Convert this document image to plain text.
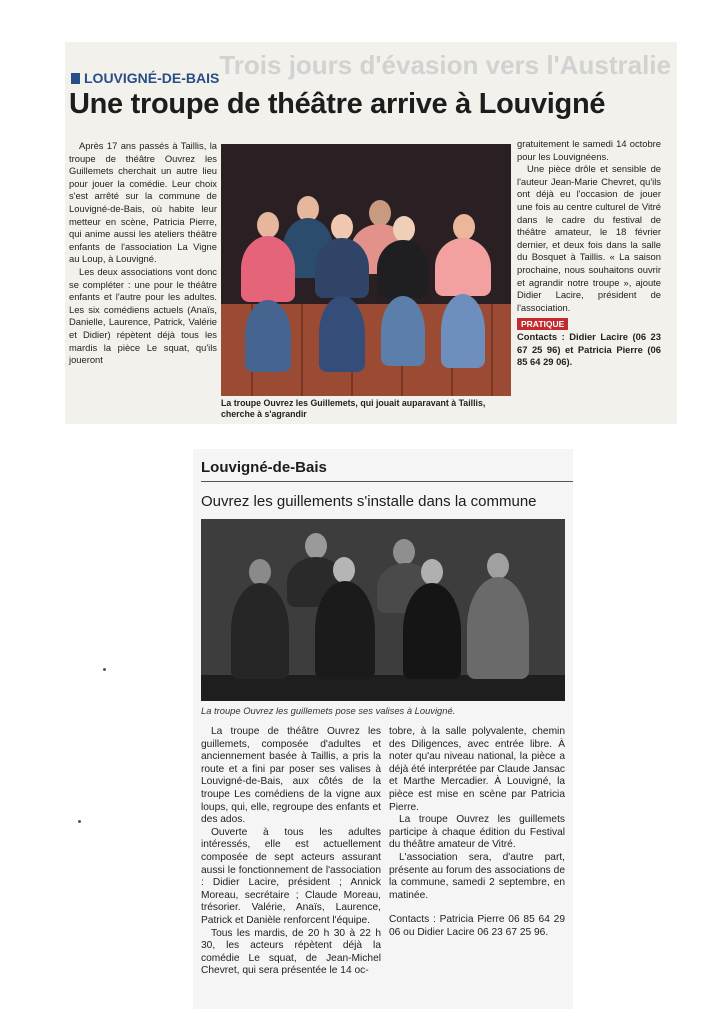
Trois jours d'évasion vers l'Australie
LOUVIGNÉ-DE-BAIS
Une troupe de théâtre arrive à Louvigné

Après 17 ans passés à Taillis, la troupe de théâtre Ouvrez les Guillemets cherchait un autre lieu pour jouer la comédie. Leur choix s'est arrêté sur la commune de Louvigné-de-Bais, où habite leur metteur en scène, Patricia Pierre, qui anime aussi les ateliers théâtre enfants de l'association La Vigne au Loup, à Louvigné.

Les deux associations vont donc se compléter : une pour le théâtre enfants et l'autre pour les adultes. Les six comédiens actuels (Anaïs, Danielle, Laurence, Patrick, Valérie et Didier) répètent déjà tous les mardis la pièce Le squat, qu'ils joueront

La troupe Ouvrez les Guillemets, qui jouait auparavant à Taillis, cherche à s'agrandir

gratuitement le samedi 14 octobre pour les Louvignéens.

Une pièce drôle et sensible de l'auteur Jean-Marie Chevret, qu'ils ont déjà eu l'occasion de jouer une fois au centre culturel de Vitré dans le cadre du festival de théâtre amateur, le 18 février dernier, et deux fois dans la salle du Bosquet à Taillis. « La saison prochaine, nous souhaitons ouvrir et agrandir notre troupe », ajoute Didier Lacire, président de l'association.

PRATIQUE

Contacts : Didier Lacire (06 23 67 25 96) et Patricia Pierre (06 85 64 29 06).

Louvigné-de-Bais
Ouvrez les guillements s'installe dans la commune
La troupe Ouvrez les guillemets pose ses valises à Louvigné.

La troupe de théâtre Ouvrez les guillemets, composée d'adultes et anciennement basée à Taillis, a pris la route et a fini par poser ses valises à Louvigné-de-Bais, aux côtés de la troupe Les comédiens de la vigne aux loups, qui, elle, regroupe des enfants et des ados.

Ouverte à tous les adultes intéressés, elle est actuellement composée de sept acteurs assurant aussi le fonctionnement de l'association : Didier Lacire, président ; Annick Moreau, secrétaire ; Claude Moreau, trésorier. Valérie, Anaïs, Laurence, Patrick et Danièle renforcent l'équipe.

Tous les mardis, de 20 h 30 à 22 h 30, les acteurs répètent déjà la comédie Le squat, de Jean-Michel Chevret, qui sera présentée le 14 oc-

tobre, à la salle polyvalente, chemin des Diligences, avec entrée libre. À noter qu'au niveau national, la pièce a déjà été interprétée par Claude Jansac et Marthe Mercadier. À Louvigné, la pièce est mise en scène par Patricia Pierre.

La troupe Ouvrez les guillemets participe à chaque édition du Festival du théâtre amateur de Vitré.

L'association sera, d'autre part, présente au forum des associations de la commune, samedi 2 septembre, en matinée.

Contacts : Patricia Pierre 06 85 64 29 06 ou Didier Lacire 06 23 67 25 96.
